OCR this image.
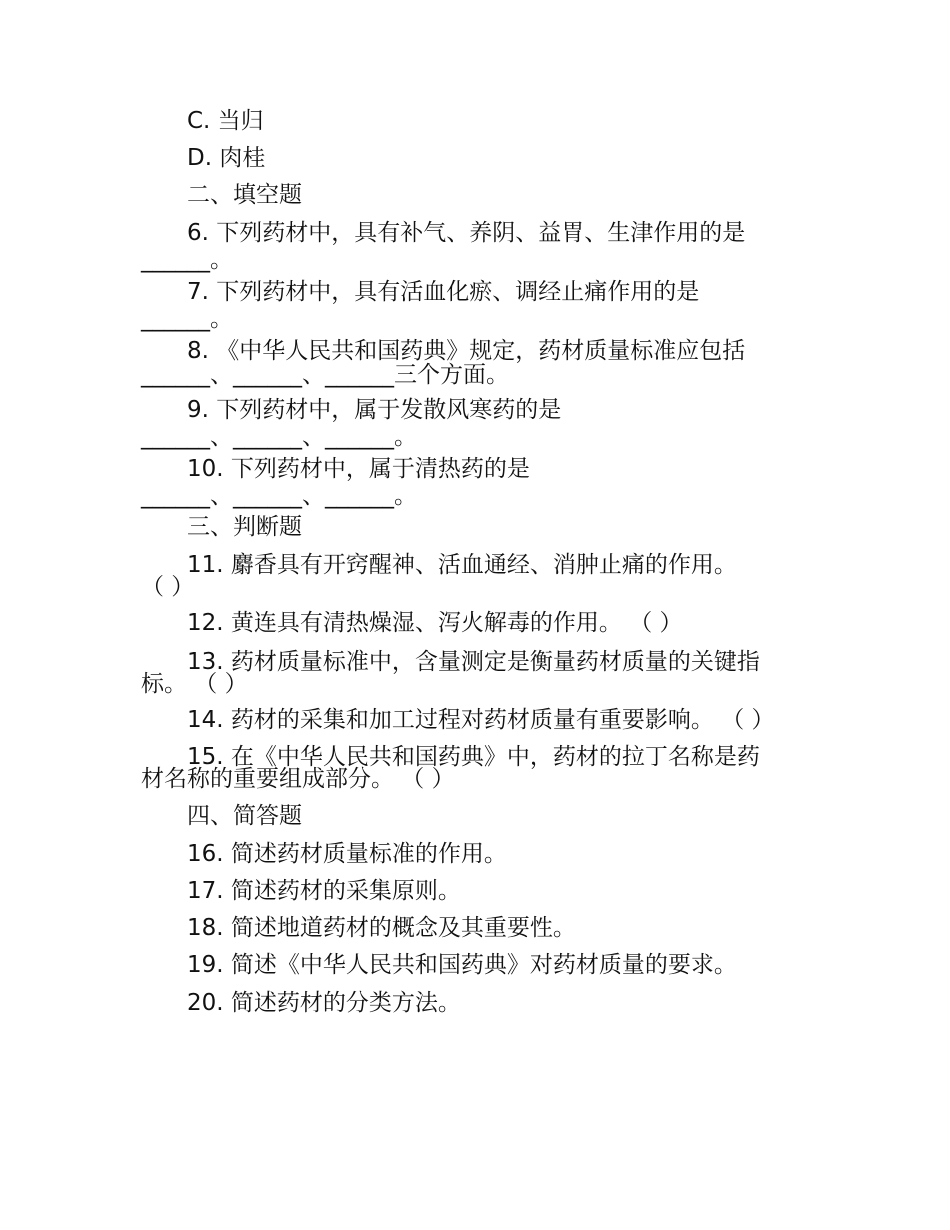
C. 当归

D. 肉桂

二、填空题

6. 下列药材中，具有补气、养阴、益胃、生津作用的是

______。

7. 下列药材中，具有活血化瘀、调经止痛作用的是

______。

8. 《中华人民共和国药典》规定，药材质量标准应包括

______、______、______三个方面。

9. 下列药材中，属于发散风寒药的是

______、______、______。

10. 下列药材中，属于清热药的是

______、______、______。

三、判断题

11. 麝香具有开窍醒神、活血通经、消肿止痛的作用。

（ ）

12. 黄连具有清热燥湿、泻火解毒的作用。 （ ）

13. 药材质量标准中，含量测定是衡量药材质量的关键指

标。 （ ）

14. 药材的采集和加工过程对药材质量有重要影响。 （ ）

15. 在《中华人民共和国药典》中，药材的拉丁名称是药

材名称的重要组成部分。 （ ）

四、简答题

16. 简述药材质量标准的作用。

17. 简述药材的采集原则。

18. 简述地道药材的概念及其重要性。

19. 简述《中华人民共和国药典》对药材质量的要求。

20. 简述药材的分类方法。
